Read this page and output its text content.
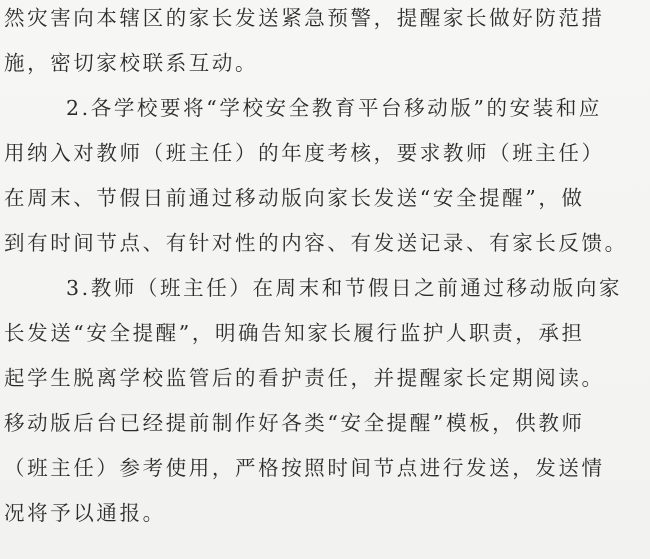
然灾害向本辖区的家长发送紧急预警，提醒家长做好防范措
施，密切家校联系互动。
2.各学校要将“学校安全教育平台移动版”的安装和应
用纳入对教师（班主任）的年度考核，要求教师（班主任）
在周末、节假日前通过移动版向家长发送“安全提醒”，做
到有时间节点、有针对性的内容、有发送记录、有家长反馈。
3.教师（班主任）在周末和节假日之前通过移动版向家
长发送“安全提醒”，明确告知家长履行监护人职责，承担
起学生脱离学校监管后的看护责任，并提醒家长定期阅读。
移动版后台已经提前制作好各类“安全提醒”模板，供教师
（班主任）参考使用，严格按照时间节点进行发送，发送情
况将予以通报。
